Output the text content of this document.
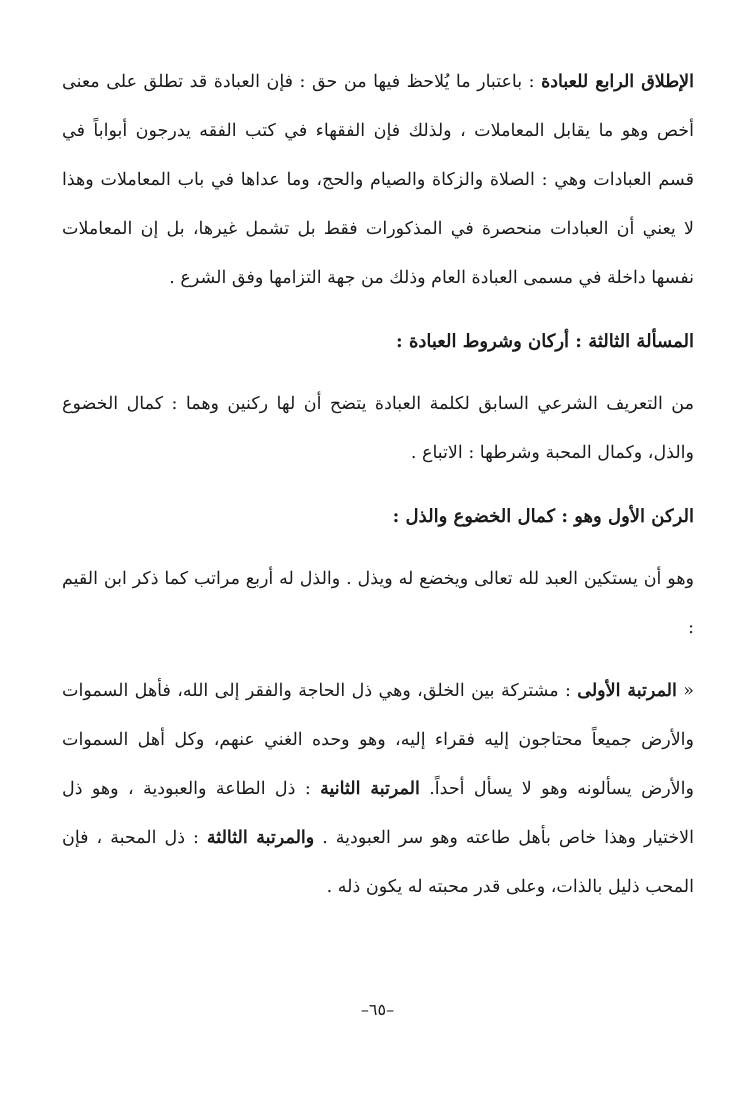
الإطلاق الرابع للعبادة : باعتبار ما يُلاحظ فيها من حق : فإن العبادة قد تطلق على معنى أخص وهو ما يقابل المعاملات ، ولذلك فإن الفقهاء في كتب الفقه يدرجون أبواباً في قسم العبادات وهي : الصلاة والزكاة والصيام والحج، وما عداها في باب المعاملات وهذا لا يعني أن العبادات منحصرة في المذكورات فقط بل تشمل غيرها، بل إن المعاملات نفسها داخلة في مسمى العبادة العام وذلك من جهة التزامها وفق الشرع .

المسألة الثالثة : أركان وشروط العبادة :

من التعريف الشرعي السابق لكلمة العبادة يتضح أن لها ركنين وهما : كمال الخضوع والذل، وكمال المحبة وشرطها : الاتباع .

الركن الأول وهو : كمال الخضوع والذل :

وهو أن يستكين العبد لله تعالى ويخضع له ويذل . والذل له أربع مراتب كما ذكر ابن القيم :

« المرتبة الأولى : مشتركة بين الخلق، وهي ذل الحاجة والفقر إلى الله، فأهل السموات والأرض جميعاً محتاجون إليه فقراء إليه، وهو وحده الغني عنهم، وكل أهل السموات والأرض يسألونه وهو لا يسأل أحداً. المرتبة الثانية : ذل الطاعة والعبودية ، وهو ذل الاختيار وهذا خاص بأهل طاعته وهو سر العبودية . والمرتبة الثالثة : ذل المحبة ، فإن المحب ذليل بالذات، وعلى قدر محبته له يكون ذله .

–٦٥–
